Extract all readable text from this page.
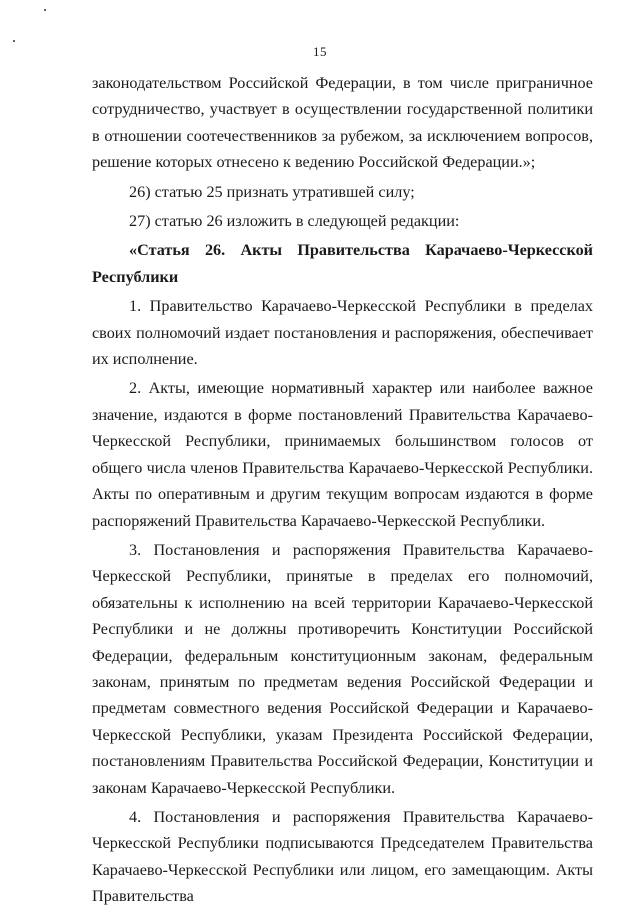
15

законодательством Российской Федерации, в том числе приграничное сотрудничество, участвует в осуществлении государственной политики в отношении соотечественников за рубежом, за исключением вопросов, решение которых отнесено к ведению Российской Федерации.»;

26) статью 25 признать утратившей силу;

27) статью 26 изложить в следующей редакции:

«Статья 26. Акты Правительства Карачаево-Черкесской Республики

1. Правительство Карачаево-Черкесской Республики в пределах своих полномочий издает постановления и распоряжения, обеспечивает их исполнение.

2. Акты, имеющие нормативный характер или наиболее важное значение, издаются в форме постановлений Правительства Карачаево-Черкесской Республики, принимаемых большинством голосов от общего числа членов Правительства Карачаево-Черкесской Республики. Акты по оперативным и другим текущим вопросам издаются в форме распоряжений Правительства Карачаево-Черкесской Республики.

3. Постановления и распоряжения Правительства Карачаево-Черкесской Республики, принятые в пределах его полномочий, обязательны к исполнению на всей территории Карачаево-Черкесской Республики и не должны противоречить Конституции Российской Федерации, федеральным конституционным законам, федеральным законам, принятым по предметам ведения Российской Федерации и предметам совместного ведения Российской Федерации и Карачаево-Черкесской Республики, указам Президента Российской Федерации, постановлениям Правительства Российской Федерации, Конституции и законам Карачаево-Черкесской Республики.

4. Постановления и распоряжения Правительства Карачаево-Черкесской Республики подписываются Председателем Правительства Карачаево-Черкесской Республики или лицом, его замещающим. Акты Правительства
